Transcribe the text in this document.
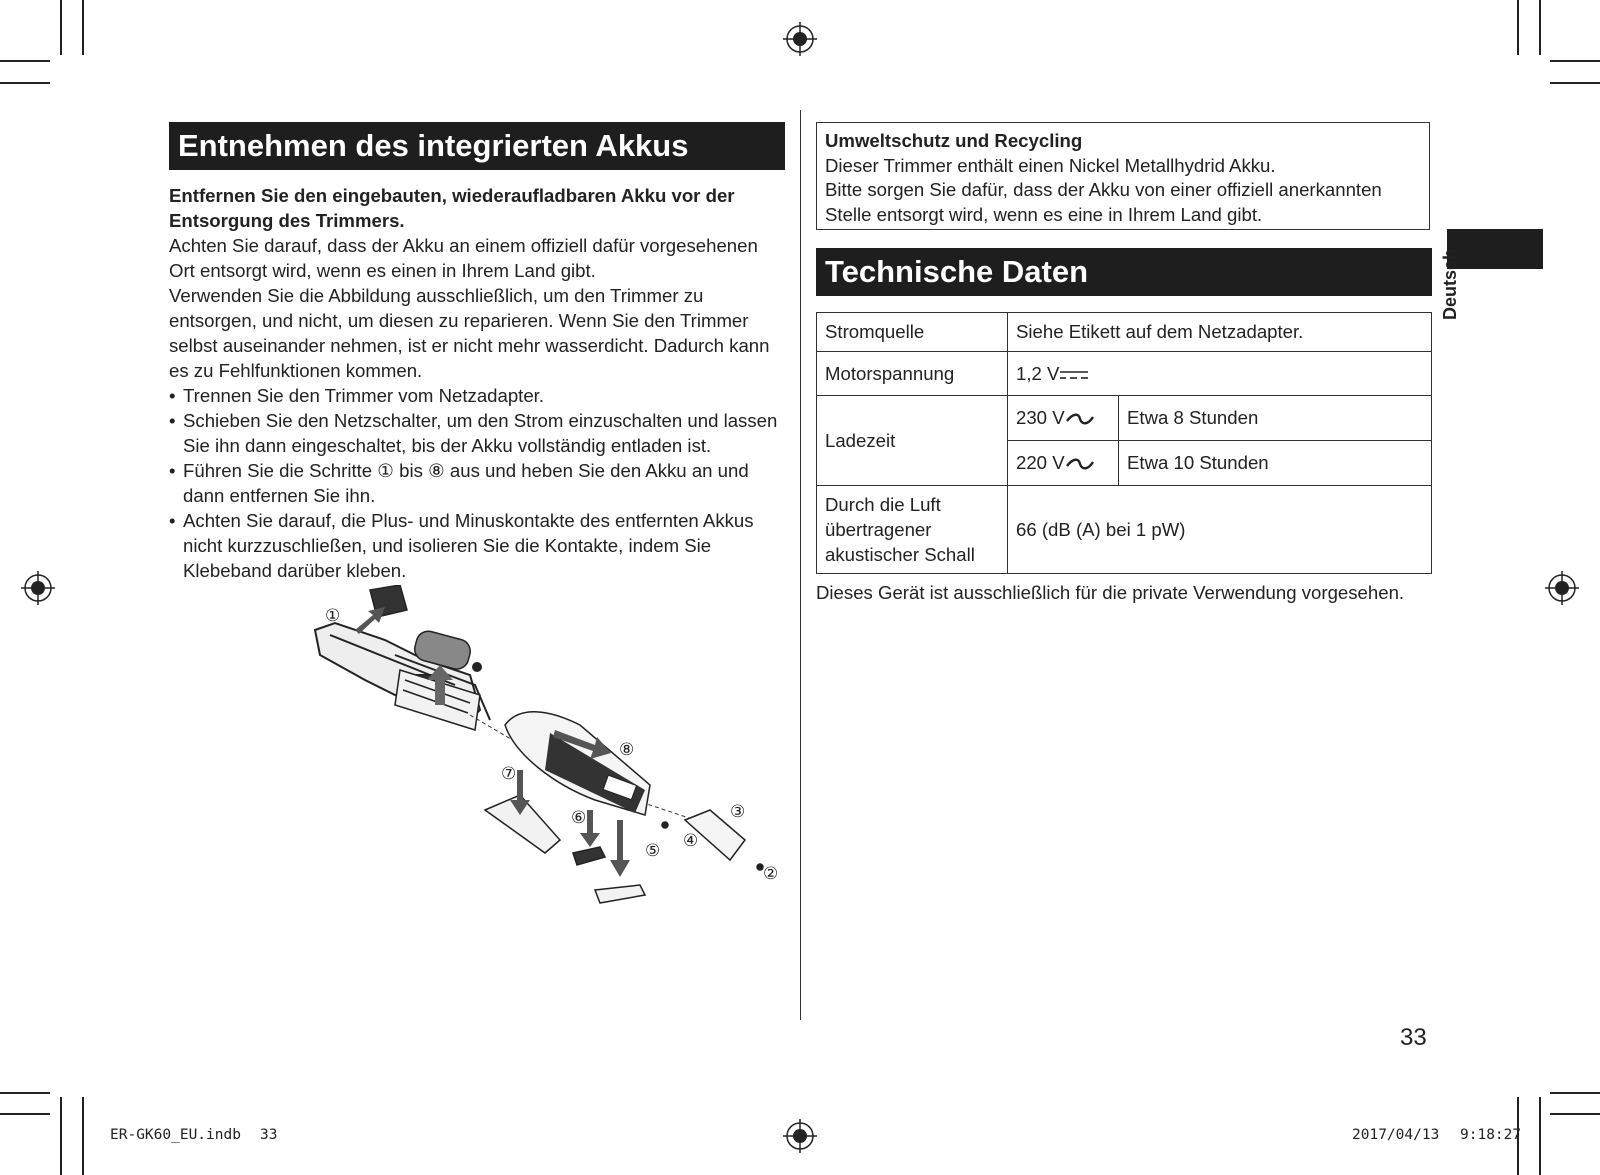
Entnehmen des integrierten Akkus
Entfernen Sie den eingebauten, wiederaufladbaren Akku vor der
Entsorgung des Trimmers.
Achten Sie darauf, dass der Akku an einem offiziell dafür vorgesehenen
Ort entsorgt wird, wenn es einen in Ihrem Land gibt.
Verwenden Sie die Abbildung ausschließlich, um den Trimmer zu
entsorgen, und nicht, um diesen zu reparieren. Wenn Sie den Trimmer
selbst auseinander nehmen, ist er nicht mehr wasserdicht. Dadurch kann
es zu Fehlfunktionen kommen.
• Trennen Sie den Trimmer vom Netzadapter.
• Schieben Sie den Netzschalter, um den Strom einzuschalten und lassen
Sie ihn dann eingeschaltet, bis der Akku vollständig entladen ist.
• Führen Sie die Schritte ① bis ⑧ aus und heben Sie den Akku an und
dann entfernen Sie ihn.
• Achten Sie darauf, die Plus- und Minuskontakte des entfernten Akkus
nicht kurzzuschließen, und isolieren Sie die Kontakte, indem Sie
Klebeband darüber kleben.
①
②
③
④
⑤
⑥
⑦
⑧
Umweltschutz und Recycling
Dieser Trimmer enthält einen Nickel Metallhydrid Akku.
Bitte sorgen Sie dafür, dass der Akku von einer offiziell anerkannten
Stelle entsorgt wird, wenn es eine in Ihrem Land gibt.
Technische Daten
Stromquelle	Siehe Etikett auf dem Netzadapter.	
Motorspannung	1,2 V	
Ladezeit	230 V	Etwa 8 Stunden
	220 V	Etwa 10 Stunden

Durch die Luft
übertragener
akustischer Schall	66 (dB (A) bei 1 pW)	
Dieses Gerät ist ausschließlich für die private Verwendung vorgesehen.
Deutsch
33
ER-GK60_EU.indb 33	2017/04/13 9:18:27
